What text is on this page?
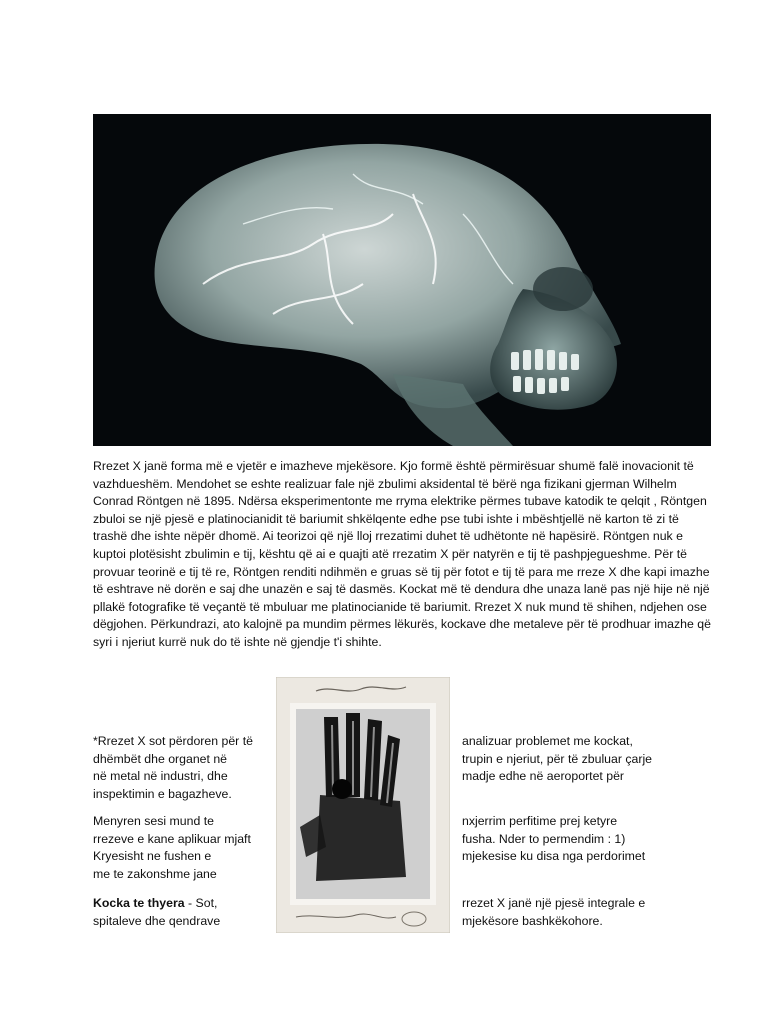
Rrezet X janë forma më e vjetër e imazheve mjekësore. Kjo formë është përmirësuar shumë falë inovacionit të vazhdueshëm. Mendohet se eshte realizuar fale një zbulimi aksidental të bërë nga fizikani gjerman Wilhelm Conrad Röntgen në 1895. Ndërsa eksperimentonte me rryma elektrike përmes tubave katodik te qelqit , Röntgen zbuloi se një pjesë e platinocianidit të bariumit shkëlqente edhe pse tubi ishte i mbështjellë në karton të zi të trashë dhe ishte nëpër dhomë. Ai teorizoi që një lloj rrezatimi duhet të udhëtonte në hapësirë. Röntgen nuk e kuptoi plotësisht zbulimin e tij, kështu që ai e quajti atë rrezatim X për natyrën e tij të pashpjegueshme. Për të provuar teorinë e tij të re, Röntgen renditi ndihmën e gruas së tij për fotot e tij të para me rreze X dhe kapi imazhe të eshtrave në dorën e saj dhe unazën e saj të dasmës. Kockat më të dendura dhe unaza lanë pas një hije në një pllakë fotografike të veçantë të mbuluar me platinocianide të bariumit. Rrezet X nuk mund të shihen, ndjehen ose dëgjohen. Përkundrazi, ato kalojnë pa mundim përmes lëkurës, kockave dhe metaleve për të prodhuar imazhe që syri i njeriut kurrë nuk do të ishte në gjendje t'i shihte.

*Rrezet X sot përdoren për të
dhëmbët dhe organet në
në metal në industri, dhe
inspektimin e bagazheve.
analizuar problemet me kockat,
trupin e njeriut, për të zbuluar çarje
madje edhe në aeroportet për
Menyren sesi mund te
rrezeve e kane aplikuar mjaft
Kryesisht ne fushen e
me te zakonshme jane
nxjerrim perfitime prej ketyre
fusha. Nder to permendim : 1)
mjekesise ku disa nga perdorimet
Kocka te thyera - Sot,
spitaleve dhe qendrave
rrezet X janë një pjesë integrale e
mjekësore bashkëkohore.
